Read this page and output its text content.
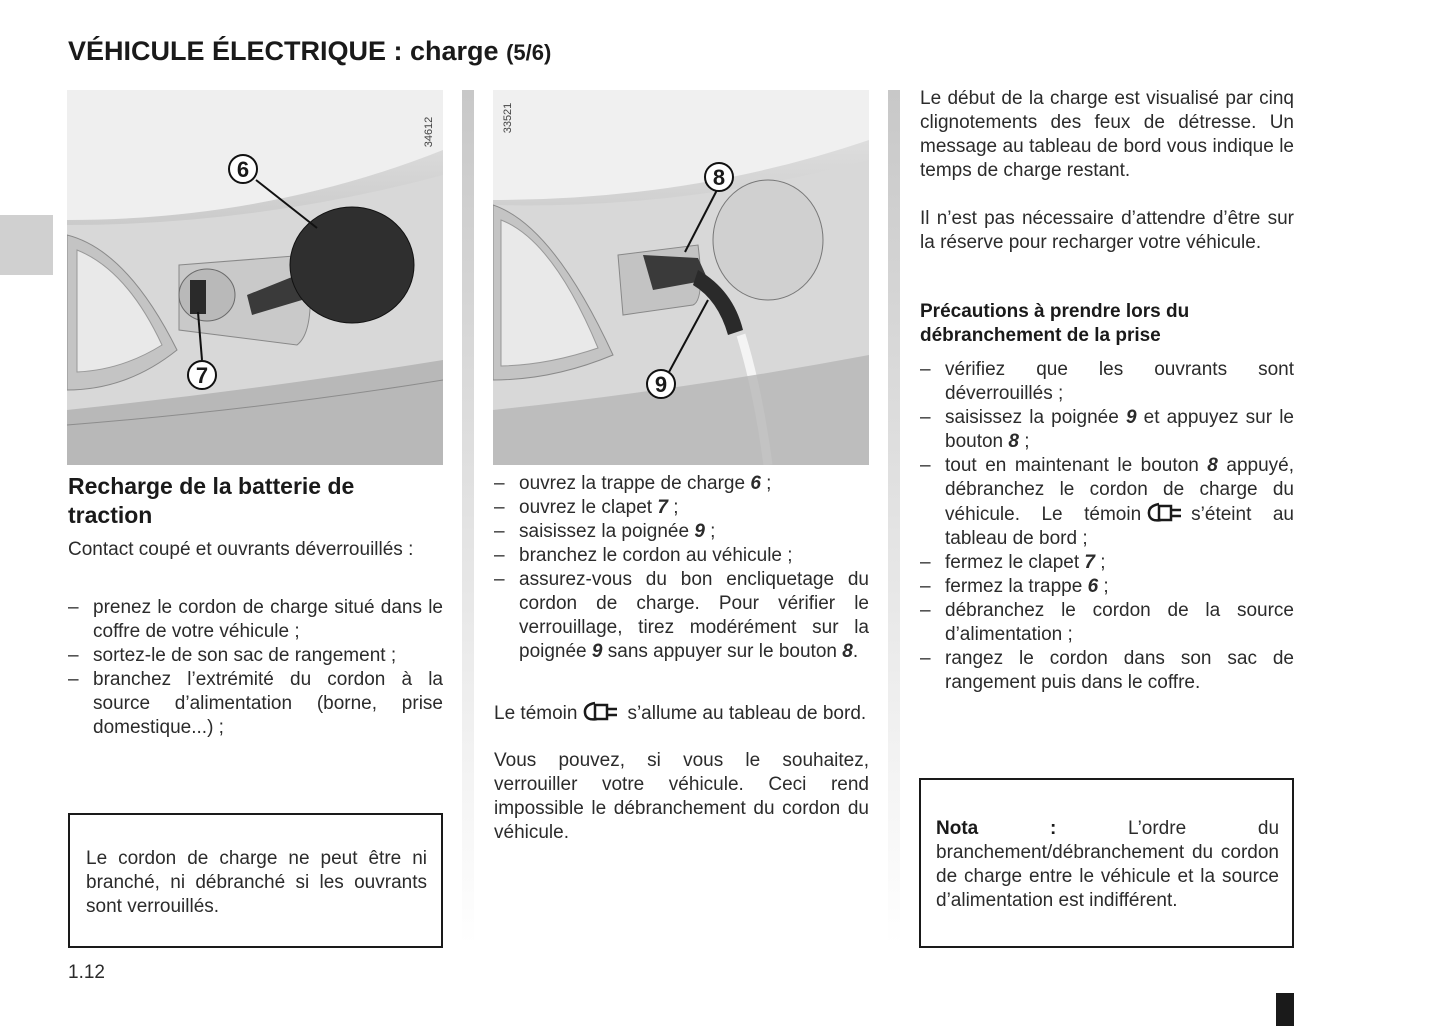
VÉHICULE ÉLECTRIQUE : charge (5/6)
6
7
34612
8
9
33521
Recharge de la batterie de traction
Contact coupé et ouvrants déverrouillés :
– prenez le cordon de charge situé dans le coffre de votre véhicule ;
– sortez-le de son sac de rangement ;
– branchez l’extrémité du cordon à la source d’alimentation (borne, prise domestique...) ;
Le cordon de charge ne peut être ni branché, ni débranché si les ouvrants sont verrouillés.
– ouvrez la trappe de charge 6 ;
– ouvrez le clapet 7 ;
– saisissez la poignée 9 ;
– branchez le cordon au véhicule ;
– assurez-vous du bon encliquetage du cordon de charge. Pour vérifier le verrouillage, tirez modérément sur la poignée 9 sans appuyer sur le bouton 8.
Le témoin	s’allume au tableau de bord.
Vous pouvez, si vous le souhaitez, verrouiller votre véhicule. Ceci rend impossible le débranchement du cordon du véhicule.
Le début de la charge est visualisé par cinq clignotements des feux de détresse. Un message au tableau de bord vous indique le temps de charge restant.
Il n’est pas nécessaire d’attendre d’être sur la réserve pour recharger votre véhicule.
Précautions à prendre lors du débranchement de la prise
– vérifiez que les ouvrants sont déverrouillés ;
– saisissez la poignée 9 et appuyez sur le bouton 8 ;
– tout en maintenant le bouton 8 appuyé, débranchez le cordon de charge du véhicule. Le témoin	s’éteint au tableau de bord ;
– fermez le clapet 7 ;
– fermez la trappe 6 ;
– débranchez le cordon de la source d’alimentation ;
– rangez le cordon dans son sac de rangement puis dans le coffre.
Nota :	L’ordre du branchement/débranchement du cordon de charge entre le véhicule et la source d’alimentation est indifférent.
1.12
